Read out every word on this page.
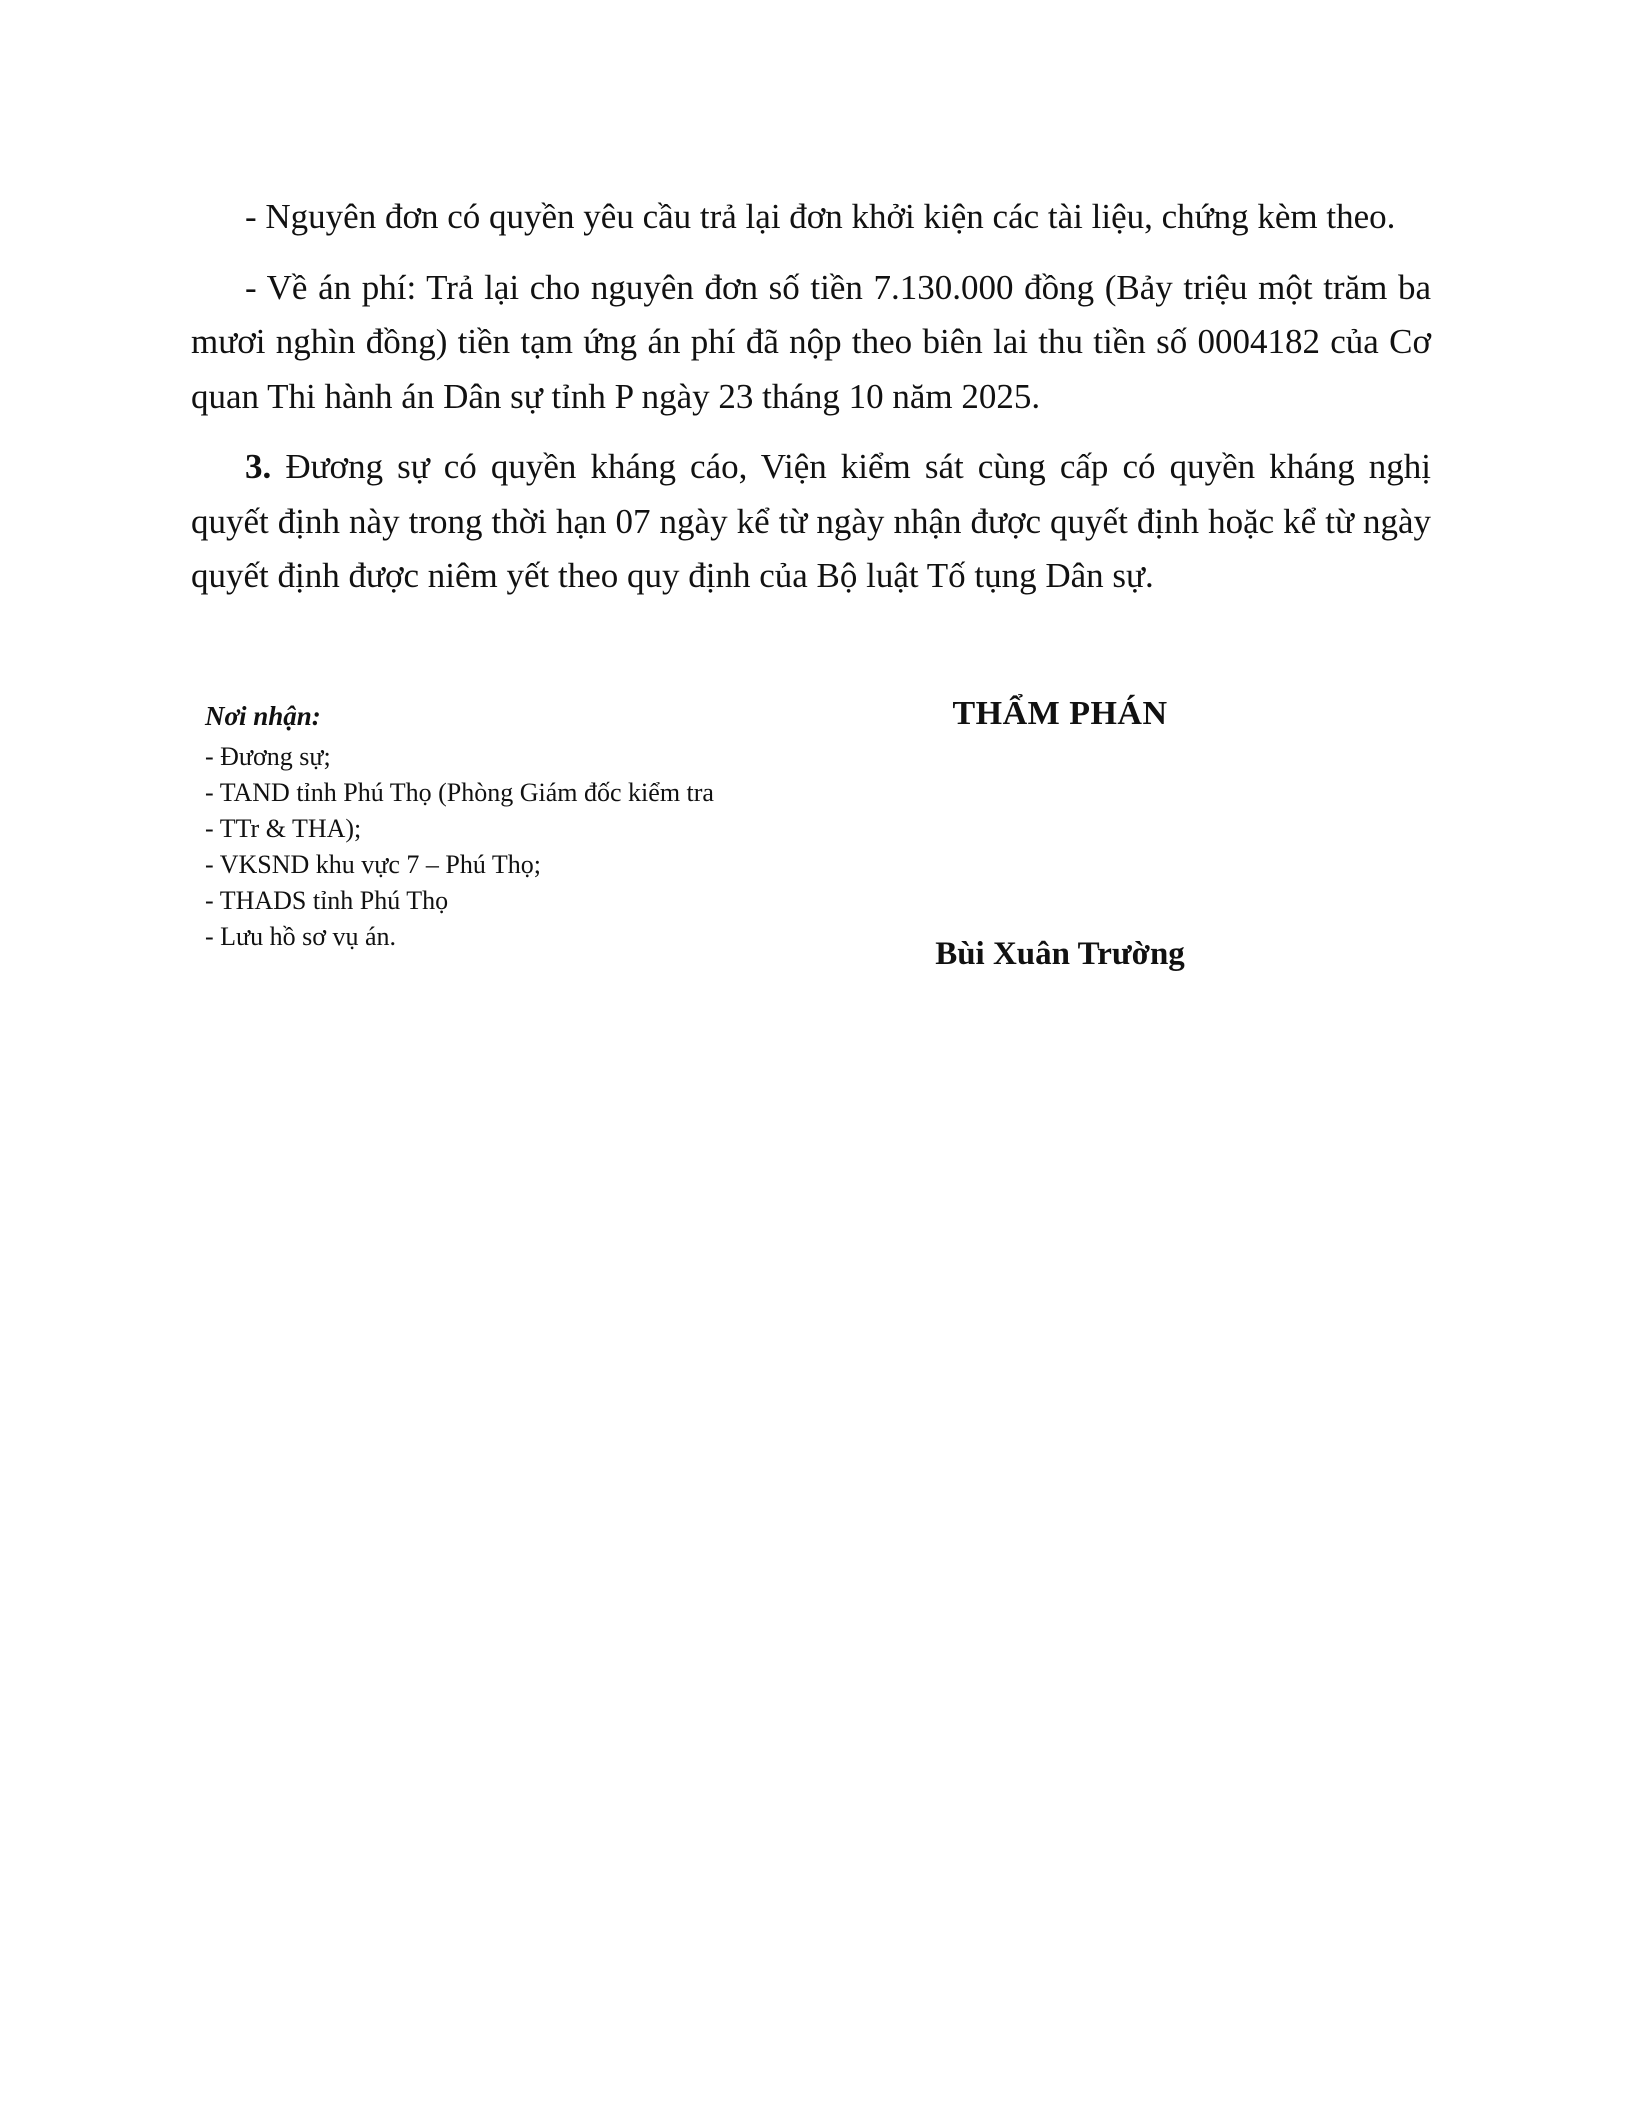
- Nguyên đơn có quyền yêu cầu trả lại đơn khởi kiện các tài liệu, chứng kèm theo.

- Về án phí: Trả lại cho nguyên đơn số tiền 7.130.000 đồng (Bảy triệu một trăm ba mươi nghìn đồng) tiền tạm ứng án phí đã nộp theo biên lai thu tiền số 0004182 của Cơ quan Thi hành án Dân sự tỉnh P ngày 23 tháng 10 năm 2025.

3. Đương sự có quyền kháng cáo, Viện kiểm sát cùng cấp có quyền kháng nghị quyết định này trong thời hạn 07 ngày kể từ ngày nhận được quyết định hoặc kể từ ngày quyết định được niêm yết theo quy định của Bộ luật Tố tụng Dân sự.

Nơi nhận:
- Đương sự;
- TAND tỉnh Phú Thọ (Phòng Giám đốc kiểm tra - TTr & THA);
- VKSND khu vực 7 – Phú Thọ;
- THADS tỉnh Phú Thọ
- Lưu hồ sơ vụ án.
THẨM PHÁN
Bùi Xuân Trường
